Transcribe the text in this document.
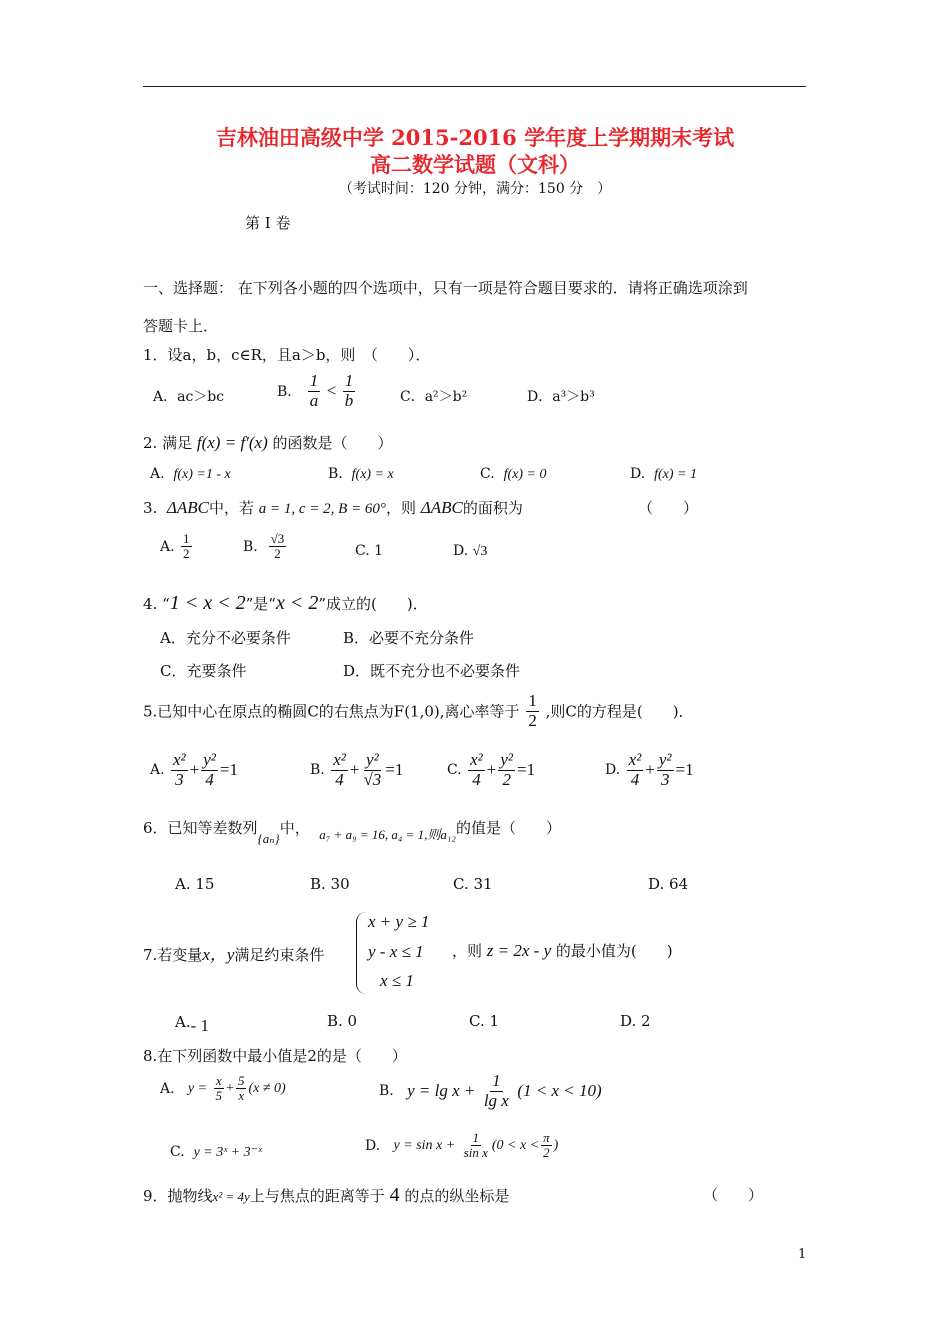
吉林油田高级中学 2015-2016 学年度上学期期末考试
高二数学试题（文科）
（考试时间：120 分钟，满分：150 分　）
第 I 卷
一、选择题： 在下列各小题的四个选项中，只有一项是符合题目要求的．请将正确选项涂到
答题卡上．
1．设a，b，c∈R，且a＞b，则　（　　）．
A．ac＞bc	B． $\frac{1}{a} < \frac{1}{b}$	C．a²＞b²	D．a³＞b³
2. 满足 f(x) = f′(x) 的函数是（　　）
A. f(x) =1 - x	B. f(x) = x	C. f(x) = 0	D. f(x) = 1
3. ΔABC中，若 a = 1, c = 2, B = 60°，则 ΔABC的面积为	（　　）
A. $\frac{1}{2}$	B. $\frac{√3}{2}$	C. 1	D. √3
4. “1 < x < 2”是“x < 2”成立的(　　)．
A．充分不必要条件	B．必要不充分条件
C．充要条件	D．既不充分也不必要条件
5.已知中心在原点的椭圆C的右焦点为F(1,0),离心率等于 $\frac{1}{2}$ ,则C的方程是(　　)．
A. $\frac{\text{x²}}{3} + \frac{\text{y²}}{4} =1$	B. $\frac{\text{x²}}{4} + \frac{\text{y²}}{√3} =1$	C. $\frac{\text{x²}}{4} + \frac{\text{y²}}{2} =1$	D. $\frac{\text{x²}}{4} + \frac{\text{y²}}{3} =1$
6．已知等差数列{aₙ}中， a₇ + a₉ = 16, a₄ = 1,则a₁₂的值是（　　）
A. 15	B. 30	C. 31	D. 64
7.若变量x，y满足约束条件
x + y ≥ 1
y - x ≤ 1
x ≤ 1
，则 z = 2x - y 的最小值为(　　)
A.- 1	B. 0	C. 1	D. 2
8.在下列函数中最小值是2的是（　　）
A. $y = \frac{x}{5} + \frac{5}{x} (x \ne 0)$	B. $y = \lg x + \frac{1}{\text{lg x}} (1 < x < 10)$
C. y = 3ˣ + 3⁻ˣ	D. $y = \sin x + \frac{1}{\text{sin x}} (0 < x < \frac{\pi}{2}$ )
9．抛物线x² = 4y上与焦点的距离等于 4 的点的纵坐标是	（　　）
1
